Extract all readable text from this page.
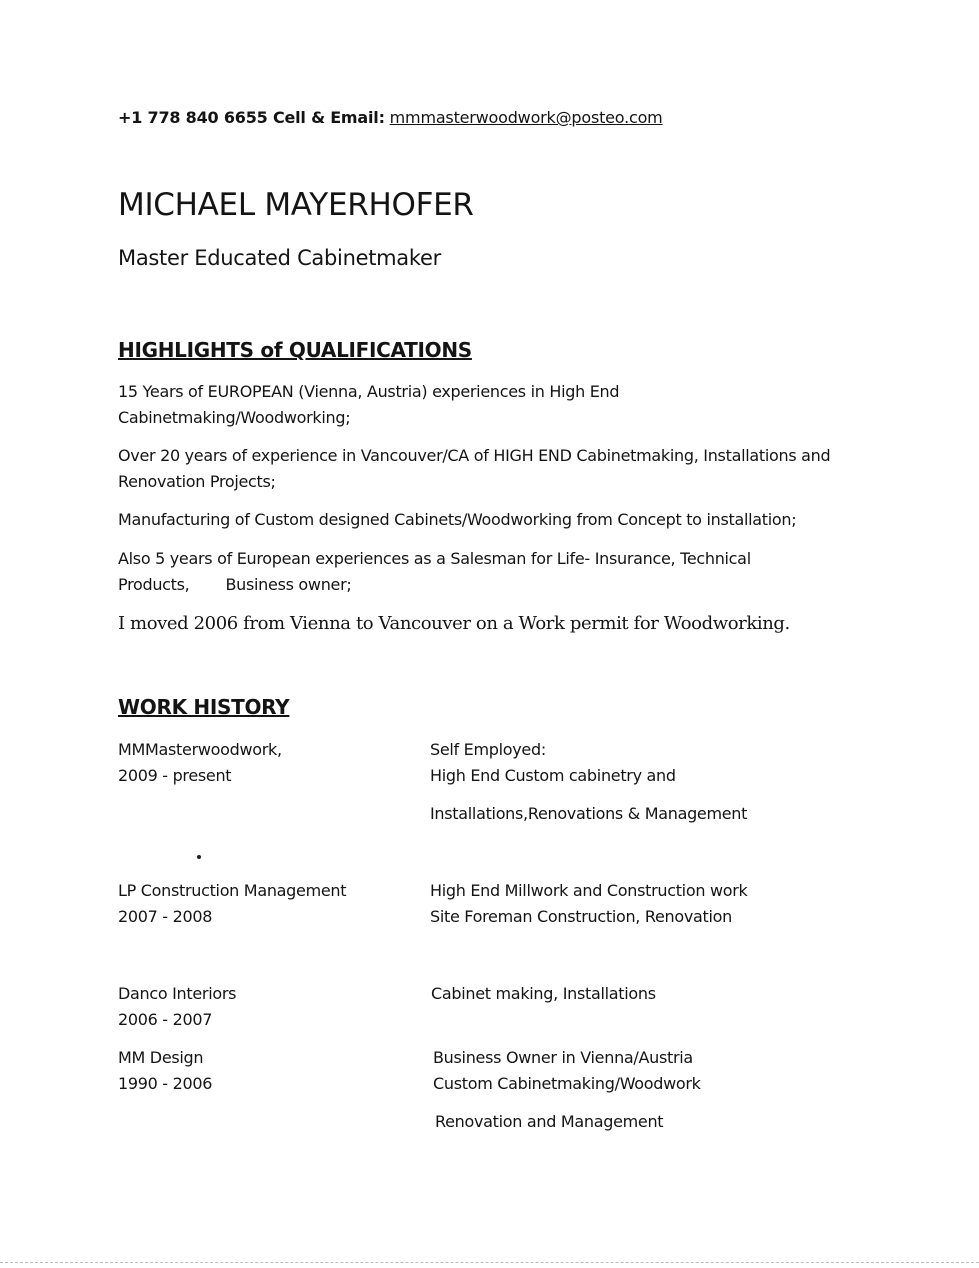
+1 778 840 6655 Cell & Email: mmmasterwoodwork@posteo.com
MICHAEL MAYERHOFER
Master Educated Cabinetmaker
HIGHLIGHTS of QUALIFICATIONS
15 Years of EUROPEAN (Vienna, Austria) experiences in High End Cabinetmaking/Woodworking;
Over 20 years of experience in Vancouver/CA of HIGH END Cabinetmaking, Installations and Renovation Projects;
Manufacturing of Custom designed Cabinets/Woodworking from Concept to installation;
Also 5 years of European experiences as a Salesman for Life- Insurance, Technical Products, Business owner;
I moved 2006 from Vienna to Vancouver on a Work permit for Woodworking.
WORK HISTORY
MMMasterwoodwork,
2009 - present
Self Employed:
High End Custom cabinetry and
Installations,Renovations & Management
LP Construction Management
2007 - 2008
High End Millwork and Construction work
Site Foreman Construction, Renovation
Danco Interiors
2006 - 2007
Cabinet making, Installations
MM Design
1990 - 2006
Business Owner in Vienna/Austria
Custom Cabinetmaking/Woodwork
Renovation and Management
